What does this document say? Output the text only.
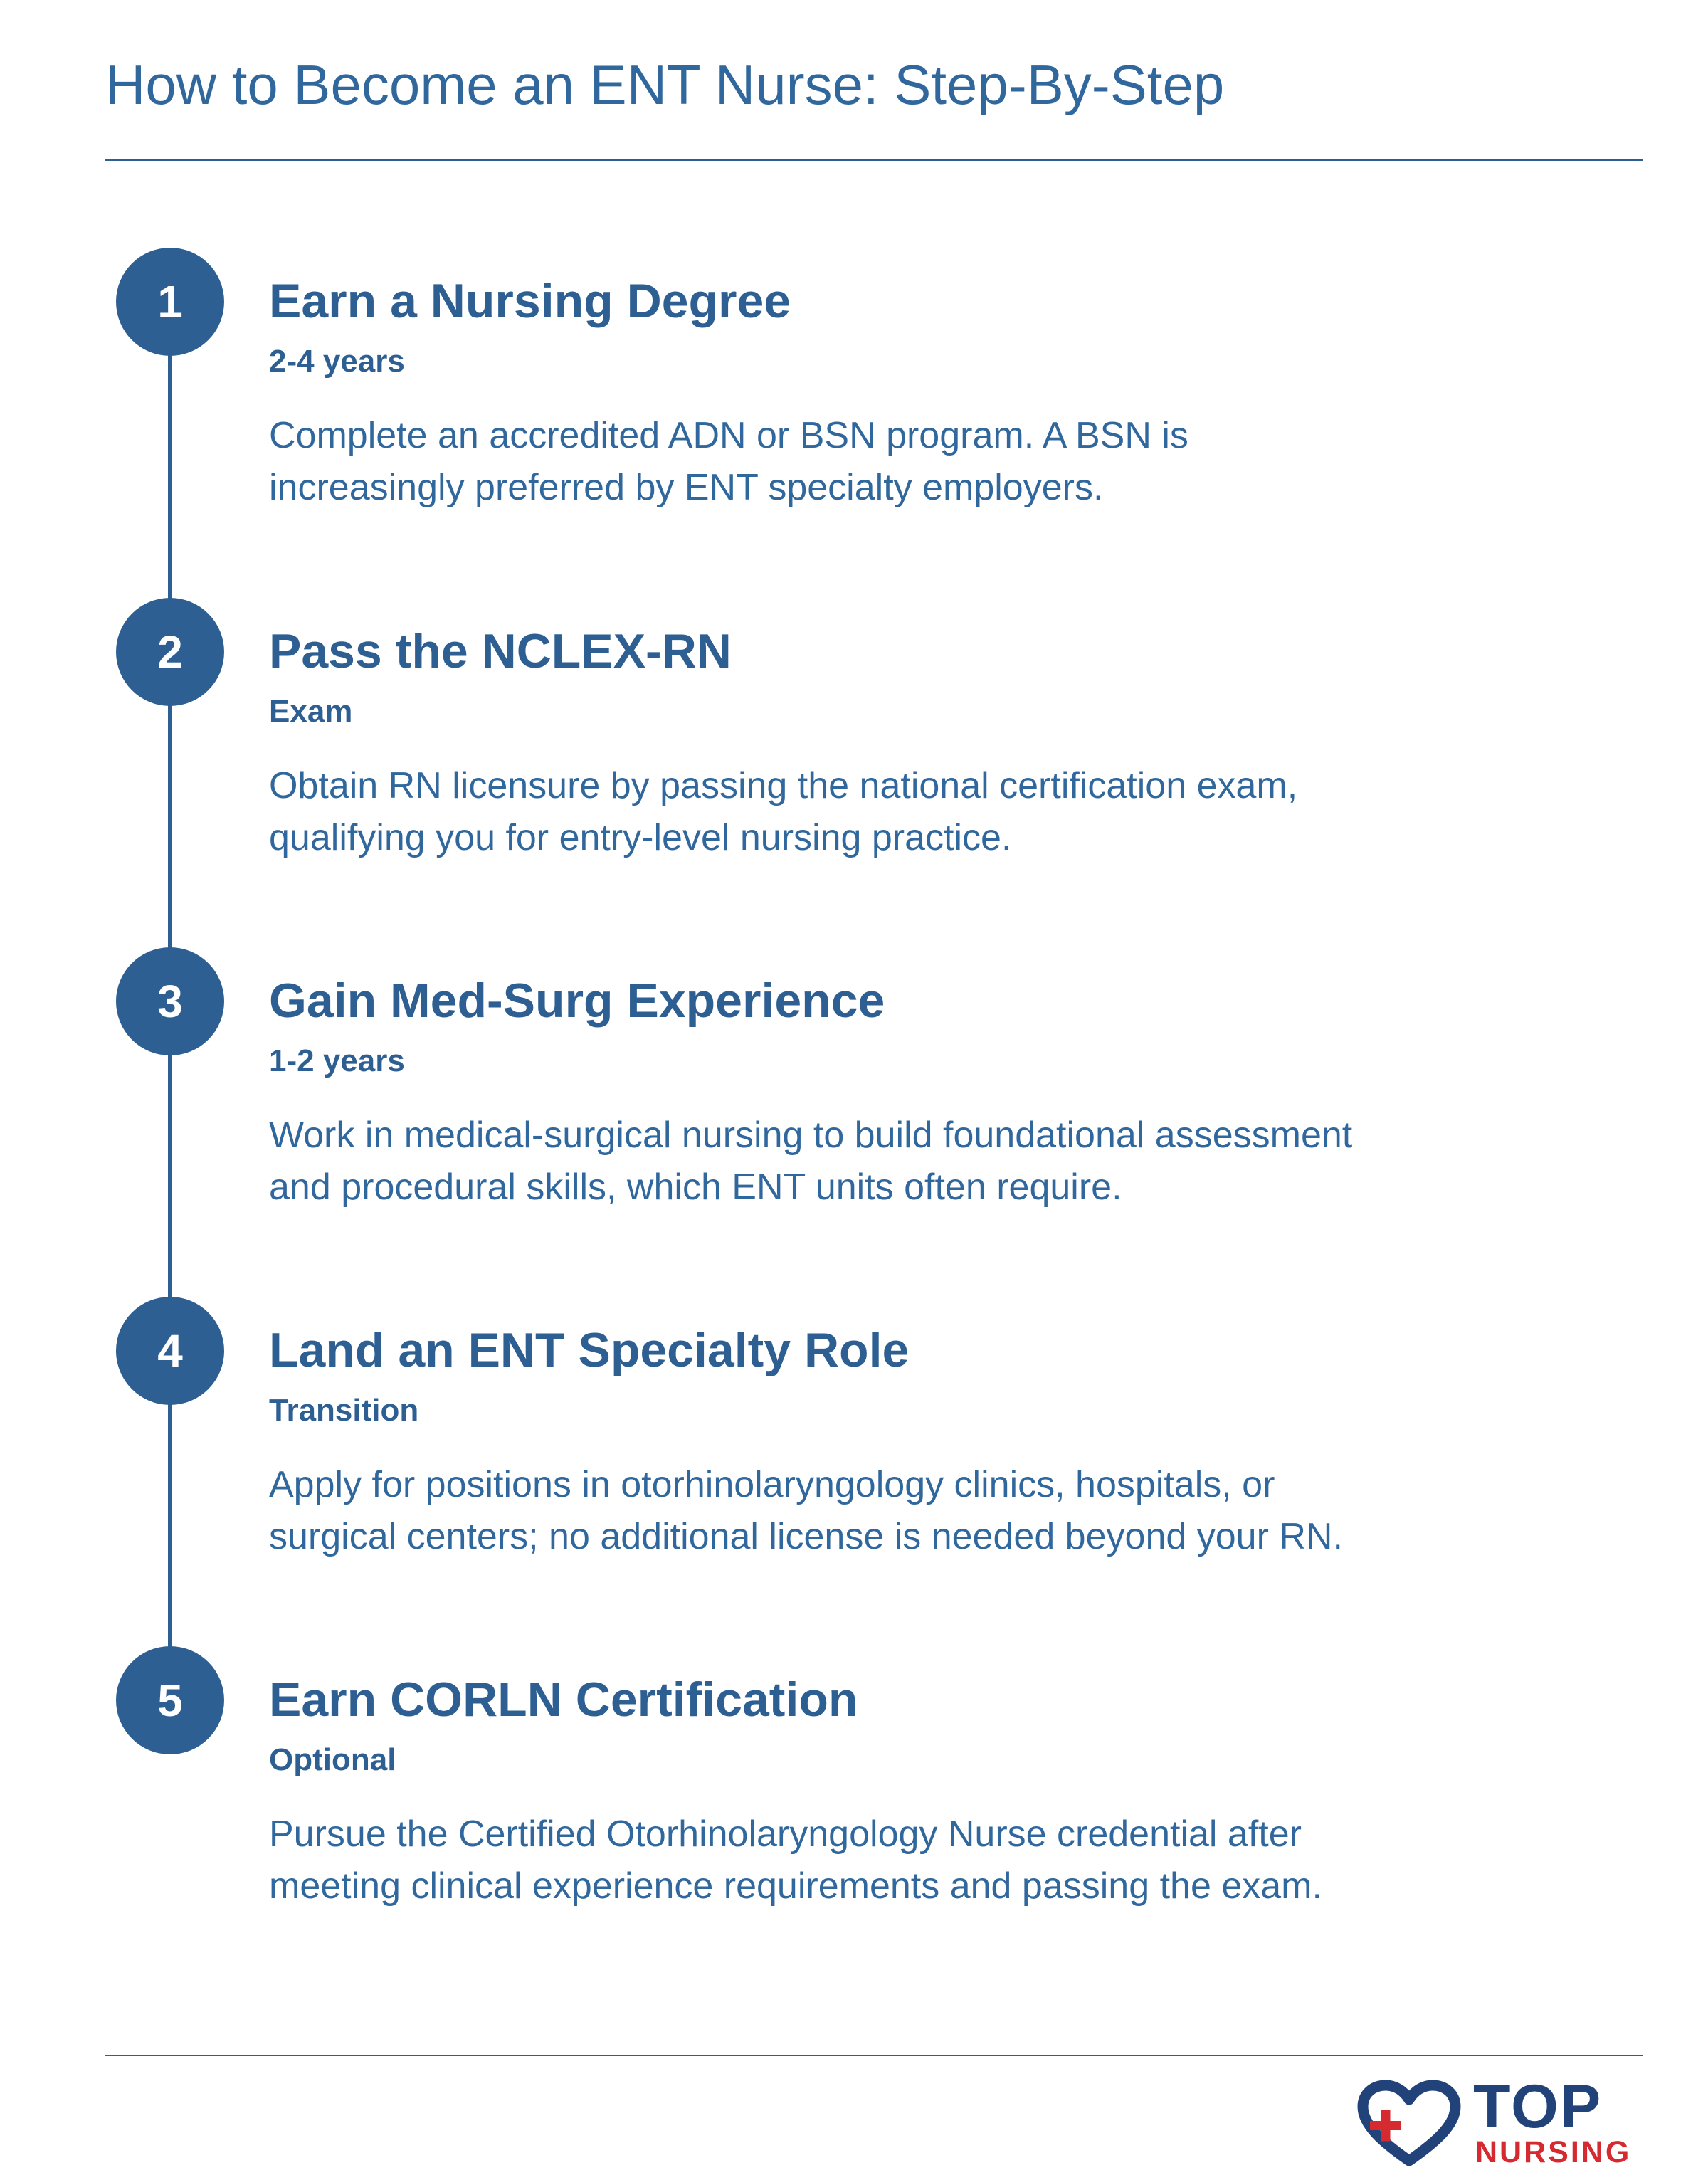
How to Become an ENT Nurse: Step-By-Step
1	Earn a Nursing Degree
2-4 years

Complete an accredited ADN or BSN program. A BSN is increasingly preferred by ENT specialty employers.

2	Pass the NCLEX-RN
Exam

Obtain RN licensure by passing the national certification exam, qualifying you for entry-level nursing practice.

3	Gain Med-Surg Experience
1-2 years

Work in medical-surgical nursing to build foundational assessment and procedural skills, which ENT units often require.

4	Land an ENT Specialty Role
Transition

Apply for positions in otorhinolaryngology clinics, hospitals, or surgical centers; no additional license is needed beyond your RN.

5	Earn CORLN Certification
Optional

Pursue the Certified Otorhinolaryngology Nurse credential after meeting clinical experience requirements and passing the exam.

TOP
NURSING
